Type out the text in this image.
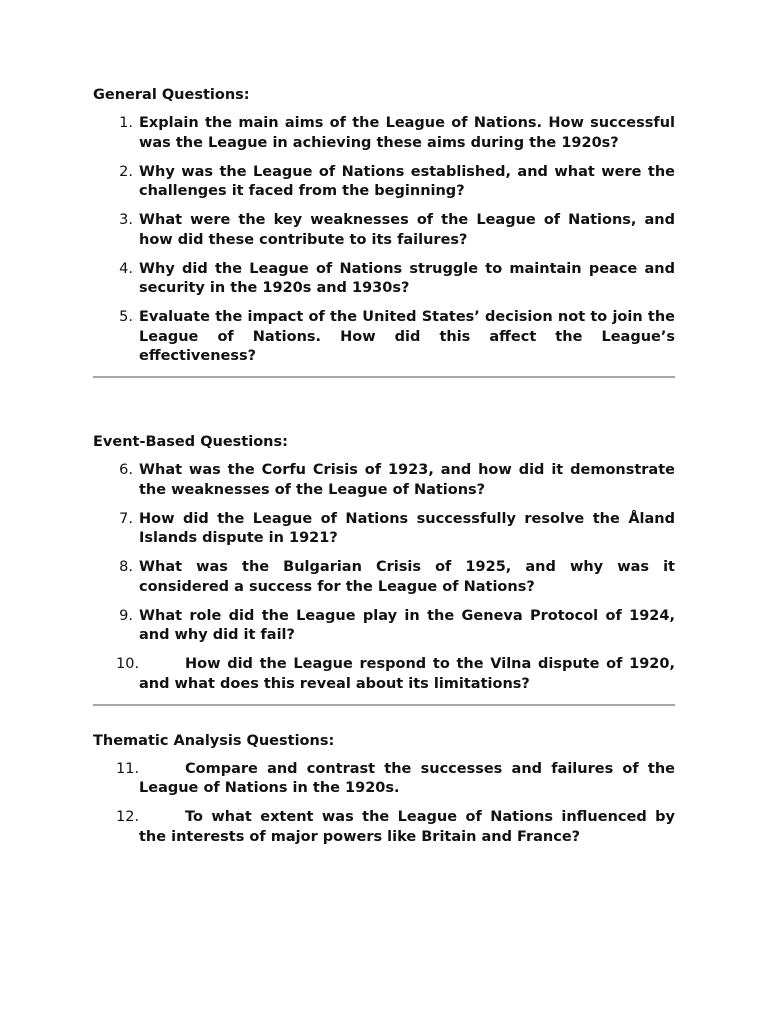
General Questions:

1. Explain the main aims of the League of Nations. How successful was the League in achieving these aims during the 1920s?
2. Why was the League of Nations established, and what were the challenges it faced from the beginning?
3. What were the key weaknesses of the League of Nations, and how did these contribute to its failures?
4. Why did the League of Nations struggle to maintain peace and security in the 1920s and 1930s?
5. Evaluate the impact of the United States’ decision not to join the League of Nations. How did this affect the League’s effectiveness?

Event-Based Questions:

6. What was the Corfu Crisis of 1923, and how did it demonstrate the weaknesses of the League of Nations?
7. How did the League of Nations successfully resolve the Åland Islands dispute in 1921?
8. What was the Bulgarian Crisis of 1925, and why was it considered a success for the League of Nations?
9. What role did the League play in the Geneva Protocol of 1924, and why did it fail?
10.	How did the League respond to the Vilna dispute of 1920, and what does this reveal about its limitations?

Thematic Analysis Questions:

11.	Compare and contrast the successes and failures of the League of Nations in the 1920s.
12.	To what extent was the League of Nations influenced by the interests of major powers like Britain and France?
